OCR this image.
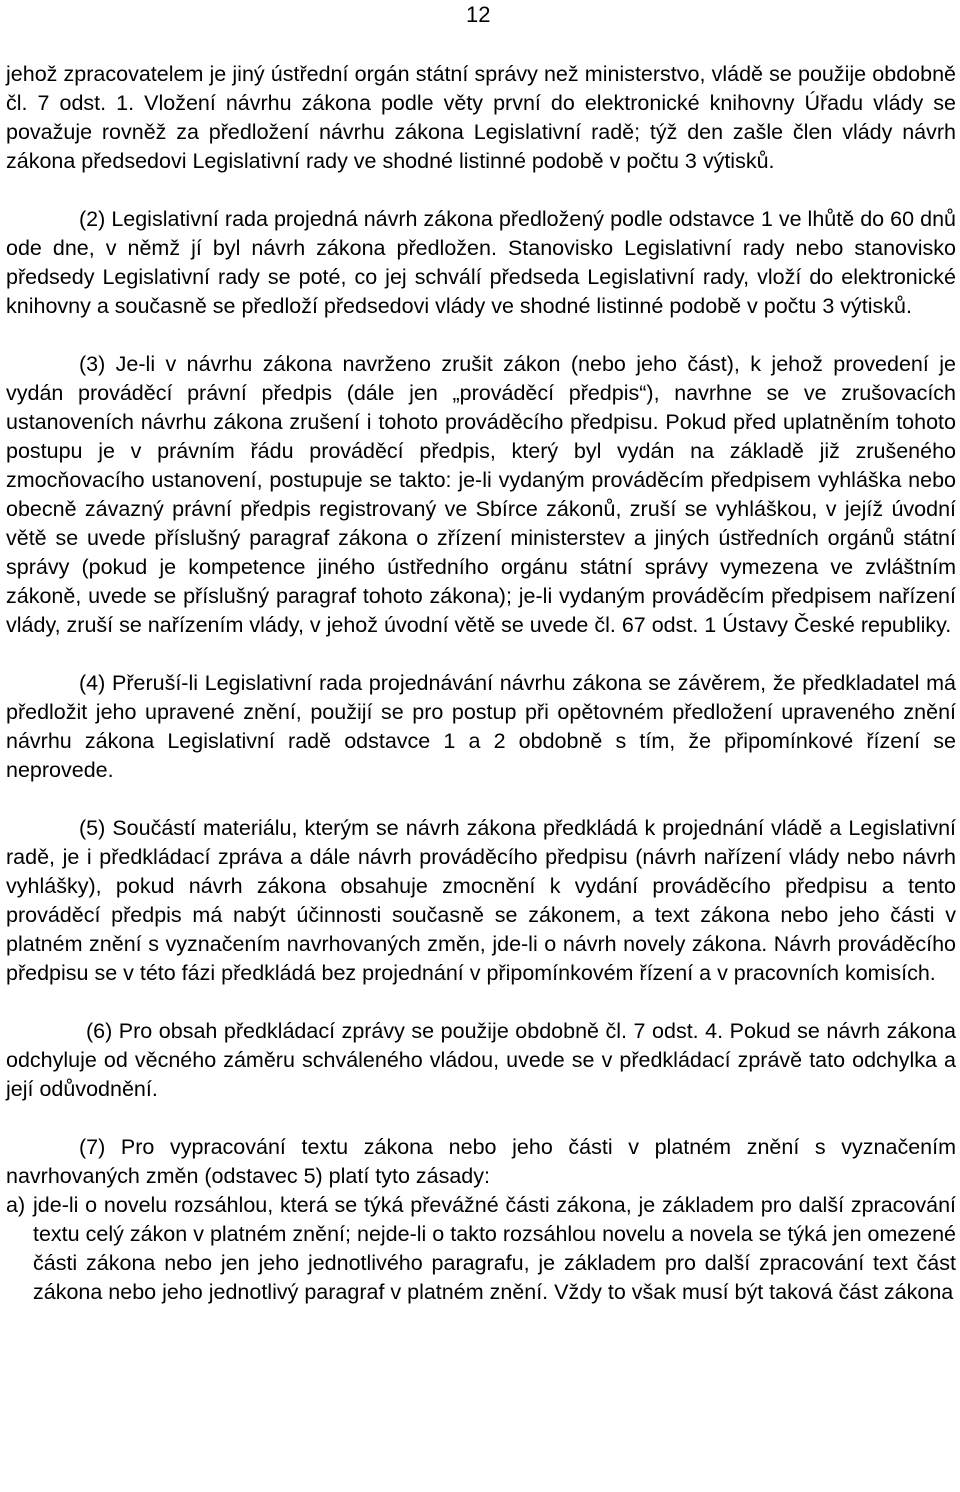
12

jehož zpracovatelem je jiný ústřední orgán státní správy než ministerstvo, vládě se použije obdobně čl. 7 odst. 1. Vložení návrhu zákona podle věty první do elektronické knihovny Úřadu vlády se považuje rovněž za předložení návrhu zákona Legislativní radě; týž den zašle člen vlády návrh zákona předsedovi Legislativní rady ve shodné listinné podobě v počtu 3 výtisků.

(2) Legislativní rada projedná návrh zákona předložený podle odstavce 1 ve lhůtě do 60 dnů ode dne, v němž jí byl návrh zákona předložen. Stanovisko Legislativní rady nebo stanovisko předsedy Legislativní rady se poté, co jej schválí předseda Legislativní rady, vloží do elektronické knihovny a současně se předloží předsedovi vlády ve shodné listinné podobě v počtu 3 výtisků.

(3) Je-li v návrhu zákona navrženo zrušit zákon (nebo jeho část), k jehož provedení je vydán prováděcí právní předpis (dále jen „prováděcí předpis“), navrhne se ve zrušovacích ustanoveních návrhu zákona zrušení i tohoto prováděcího předpisu. Pokud před uplatněním tohoto postupu je v právním řádu prováděcí předpis, který byl vydán na základě již zrušeného zmocňovacího ustanovení, postupuje se takto: je-li vydaným prováděcím předpisem vyhláška nebo obecně závazný právní předpis registrovaný ve Sbírce zákonů, zruší se vyhláškou, v jejíž úvodní větě se uvede příslušný paragraf zákona o zřízení ministerstev a jiných ústředních orgánů státní správy (pokud je kompetence jiného ústředního orgánu státní správy vymezena ve zvláštním zákoně, uvede se příslušný paragraf tohoto zákona); je-li vydaným prováděcím předpisem nařízení vlády, zruší se nařízením vlády, v jehož úvodní větě se uvede čl. 67 odst. 1 Ústavy České republiky.

(4) Přeruší-li Legislativní rada projednávání návrhu zákona se závěrem, že předkladatel má předložit jeho upravené znění, použijí se pro postup při opětovném předložení upraveného znění návrhu zákona Legislativní radě odstavce 1 a 2 obdobně s tím, že připomínkové řízení se neprovede.

(5) Součástí materiálu, kterým se návrh zákona předkládá k projednání vládě a Legislativní radě, je i předkládací zpráva a dále návrh prováděcího předpisu (návrh nařízení vlády nebo návrh vyhlášky), pokud návrh zákona obsahuje zmocnění k vydání prováděcího předpisu a tento prováděcí předpis má nabýt účinnosti současně se zákonem, a text zákona nebo jeho části v platném znění s vyznačením navrhovaných změn, jde-li o návrh novely zákona. Návrh prováděcího předpisu se v této fázi předkládá bez projednání v připomínkovém řízení a v pracovních komisích.

(6) Pro obsah předkládací zprávy se použije obdobně čl. 7 odst. 4. Pokud se návrh zákona odchyluje od věcného záměru schváleného vládou, uvede se v předkládací zprávě tato odchylka a její odůvodnění.

(7) Pro vypracování textu zákona nebo jeho části v platném znění s vyznačením navrhovaných změn (odstavec 5) platí tyto zásady:

a) jde-li o novelu rozsáhlou, která se týká převážné části zákona, je základem pro další zpracování textu celý zákon v platném znění; nejde-li o takto rozsáhlou novelu a novela se týká jen omezené části zákona nebo jen jeho jednotlivého paragrafu, je základem pro další zpracování text část zákona nebo jeho jednotlivý paragraf v platném znění. Vždy to však musí být taková část zákona
